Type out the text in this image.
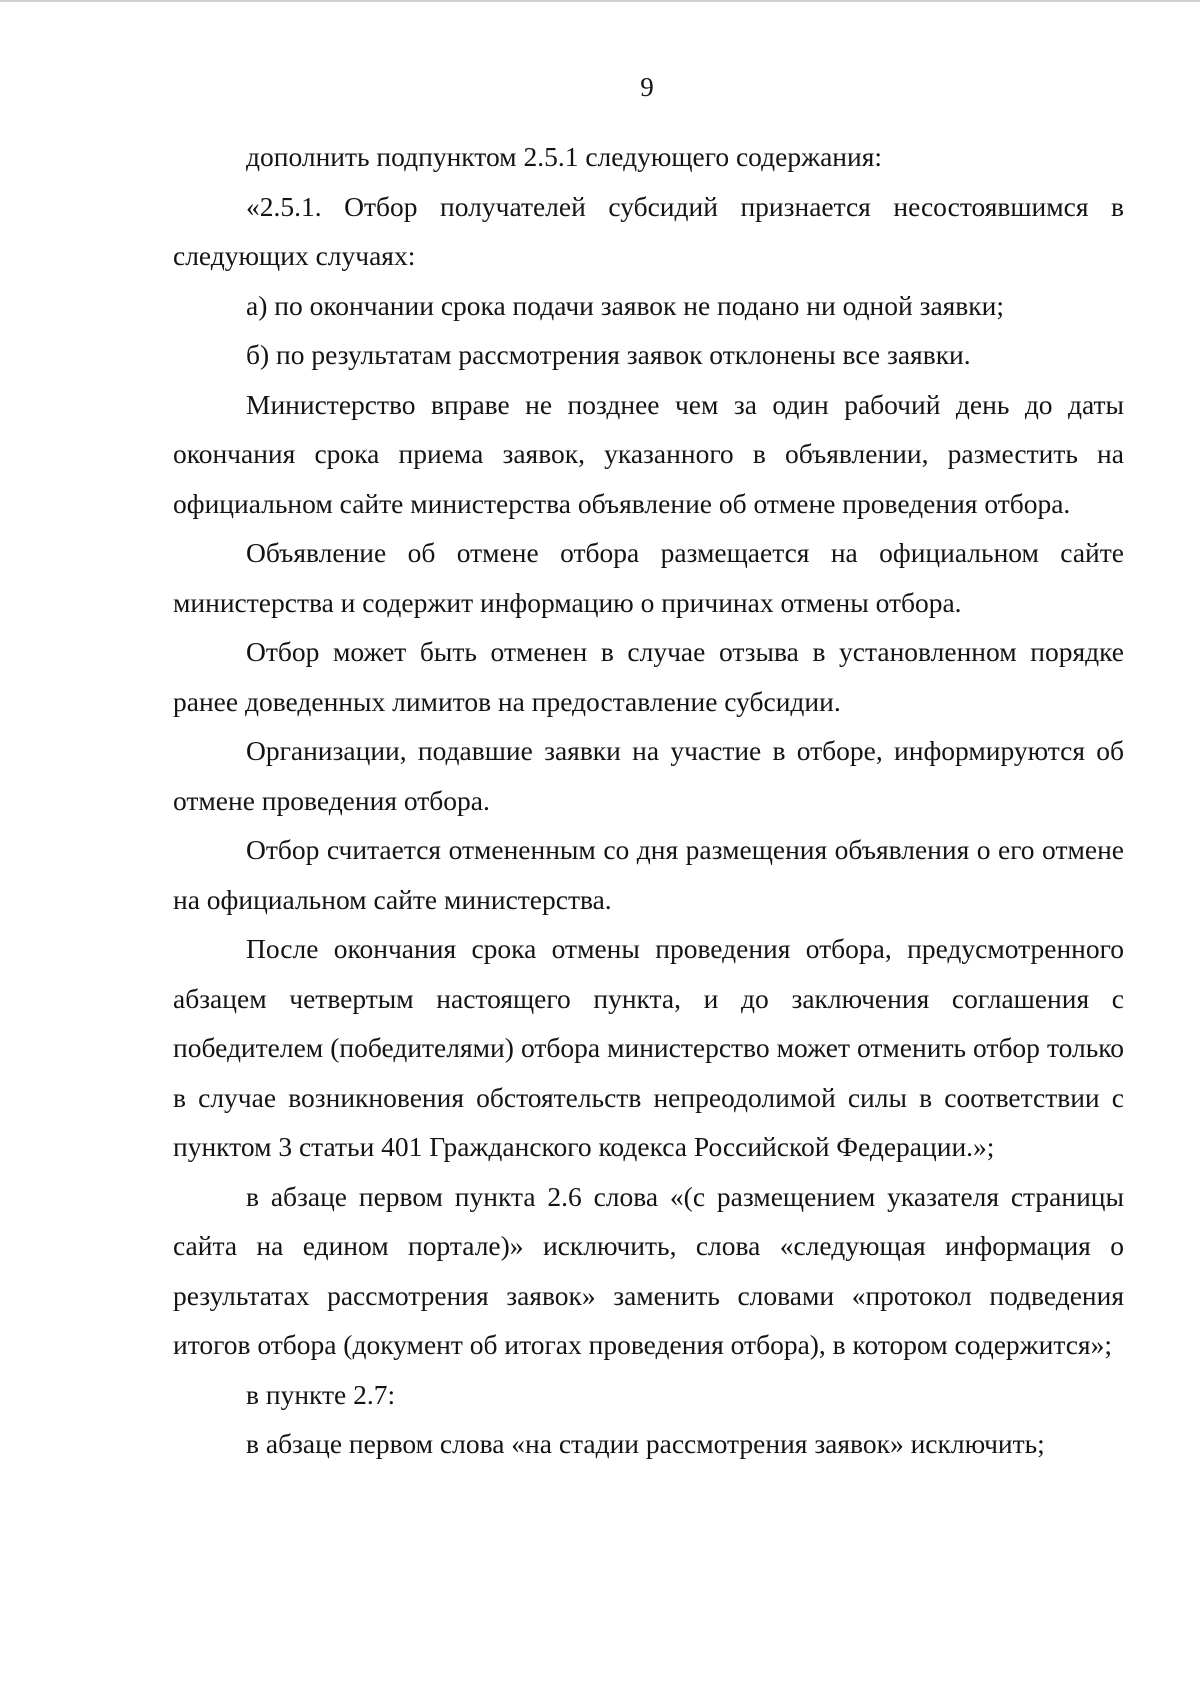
9

дополнить подпунктом 2.5.1 следующего содержания:

«2.5.1. Отбор получателей субсидий признается несостоявшимся в следующих случаях:

а) по окончании срока подачи заявок не подано ни одной заявки;

б) по результатам рассмотрения заявок отклонены все заявки.

Министерство вправе не позднее чем за один рабочий день до даты окончания срока приема заявок, указанного в объявлении, разместить на официальном сайте министерства объявление об отмене проведения отбора.

Объявление об отмене отбора размещается на официальном сайте министерства и содержит информацию о причинах отмены отбора.

Отбор может быть отменен в случае отзыва в установленном порядке ранее доведенных лимитов на предоставление субсидии.

Организации, подавшие заявки на участие в отборе, информируются об отмене проведения отбора.

Отбор считается отмененным со дня размещения объявления о его отмене на официальном сайте министерства.

После окончания срока отмены проведения отбора, предусмотренного абзацем четвертым настоящего пункта, и до заключения соглашения с победителем (победителями) отбора министерство может отменить отбор только в случае возникновения обстоятельств непреодолимой силы в соответствии с пунктом 3 статьи 401 Гражданского кодекса Российской Федерации.»;

в абзаце первом пункта 2.6 слова «(с размещением указателя страницы сайта на едином портале)» исключить, слова «следующая информация о результатах рассмотрения заявок» заменить словами «протокол подведения итогов отбора (документ об итогах проведения отбора), в котором содержится»;

в пункте 2.7:

в абзаце первом слова «на стадии рассмотрения заявок» исключить;
